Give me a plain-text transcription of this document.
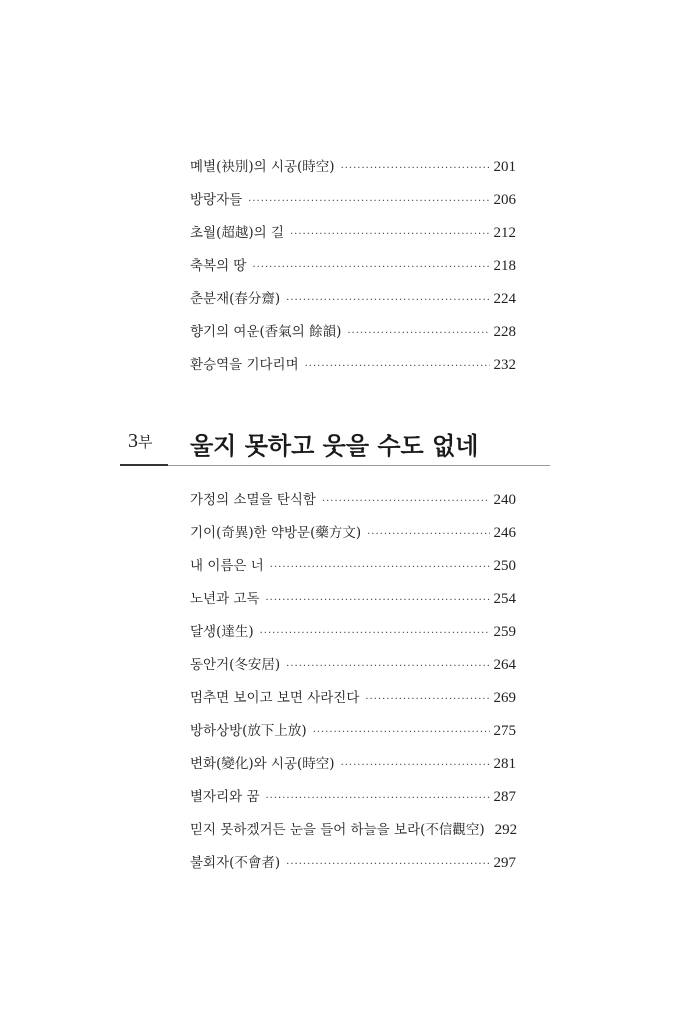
몌별(袂別)의 시공(時空) ·····	201
방랑자들 ·····	206
초월(超越)의 길 ·····	212
축복의 땅 ·····	218
춘분재(春分齋) ·····	224
향기의 여운(香氣의 餘韻) ·····	228
환승역을 기다리며 ·····	232
3부 울지 못하고 웃을 수도 없네
가정의 소멸을 탄식함 ·····	240
기이(奇異)한 약방문(藥方文) ·····	246
내 이름은 너 ·····	250
노년과 고독 ·····	254
달생(達生) ·····	259
동안거(冬安居) ·····	264
멈추면 보이고 보면 사라진다 ·····	269
방하상방(放下上放) ·····	275
변화(變化)와 시공(時空) ·····	281
별자리와 꿈 ·····	287
믿지 못하겠거든 눈을 들어 하늘을 보라(不信觀空) 292
불회자(不會者) ·····	297
